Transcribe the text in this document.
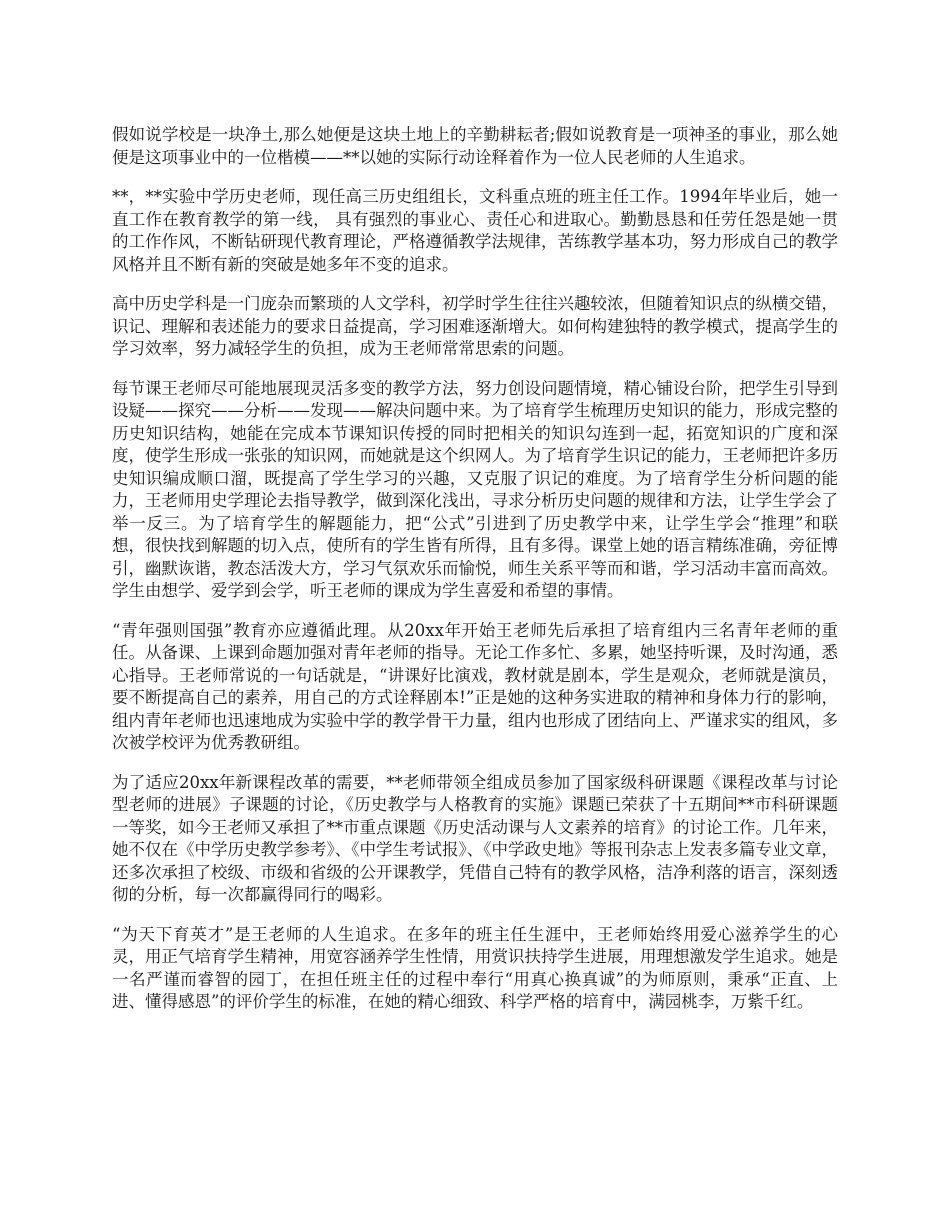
假如说学校是一块净土,那么她便是这块土地上的辛勤耕耘者;假如说教育是一项神圣的事业，那么她便是这项事业中的一位楷模——**以她的实际行动诠释着作为一位人民老师的人生追求。

**，**实验中学历史老师，现任高三历史组组长，文科重点班的班主任工作。1994年毕业后，她一直工作在教育教学的第一线， 具有强烈的事业心、责任心和进取心。勤勤恳恳和任劳任怨是她一贯的工作作风，不断钻研现代教育理论，严格遵循教学法规律，苦练教学基本功，努力形成自己的教学风格并且不断有新的突破是她多年不变的追求。

高中历史学科是一门庞杂而繁琐的人文学科，初学时学生往往兴趣较浓，但随着知识点的纵横交错，识记、理解和表述能力的要求日益提高，学习困难逐渐增大。如何构建独特的教学模式，提高学生的学习效率，努力减轻学生的负担，成为王老师常常思索的问题。

每节课王老师尽可能地展现灵活多变的教学方法，努力创设问题情境，精心铺设台阶，把学生引导到设疑——探究——分析——发现——解决问题中来。为了培育学生梳理历史知识的能力，形成完整的历史知识结构，她能在完成本节课知识传授的同时把相关的知识勾连到一起，拓宽知识的广度和深度，使学生形成一张张的知识网，而她就是这个织网人。为了培育学生识记的能力，王老师把许多历史知识编成顺口溜，既提高了学生学习的兴趣，又克服了识记的难度。为了培育学生分析问题的能力，王老师用史学理论去指导教学，做到深化浅出，寻求分析历史问题的规律和方法，让学生学会了举一反三。为了培育学生的解题能力，把“公式”引进到了历史教学中来，让学生学会“推理”和联想，很快找到解题的切入点，使所有的学生皆有所得，且有多得。课堂上她的语言精练准确，旁征博引，幽默诙谐，教态活泼大方，学习气氛欢乐而愉悦，师生关系平等而和谐，学习活动丰富而高效。学生由想学、爱学到会学，听王老师的课成为学生喜爱和希望的事情。

“青年强则国强”教育亦应遵循此理。从20xx年开始王老师先后承担了培育组内三名青年老师的重任。从备课、上课到命题加强对青年老师的指导。无论工作多忙、多累，她坚持听课，及时沟通，悉心指导。王老师常说的一句话就是，“讲课好比演戏，教材就是剧本，学生是观众，老师就是演员，要不断提高自己的素养，用自己的方式诠释剧本!”正是她的这种务实进取的精神和身体力行的影响，组内青年老师也迅速地成为实验中学的教学骨干力量，组内也形成了团结向上、严谨求实的组风，多次被学校评为优秀教研组。

为了适应20xx年新课程改革的需要，**老师带领全组成员参加了国家级科研课题《课程改革与讨论型老师的进展》子课题的讨论，《历史教学与人格教育的实施》课题已荣获了十五期间**市科研课题一等奖，如今王老师又承担了**市重点课题《历史活动课与人文素养的培育》的讨论工作。几年来，她不仅在《中学历史教学参考》、《中学生考试报》、《中学政史地》等报刊杂志上发表多篇专业文章，还多次承担了校级、市级和省级的公开课教学，凭借自己特有的教学风格，洁净利落的语言，深刻透彻的分析，每一次都赢得同行的喝彩。

“为天下育英才”是王老师的人生追求。在多年的班主任生涯中，王老师始终用爱心滋养学生的心灵，用正气培育学生精神，用宽容涵养学生性情，用赏识扶持学生进展，用理想激发学生追求。她是一名严谨而睿智的园丁，在担任班主任的过程中奉行“用真心换真诚”的为师原则，秉承“正直、上进、懂得感恩”的评价学生的标准，在她的精心细致、科学严格的培育中，满园桃李，万紫千红。
